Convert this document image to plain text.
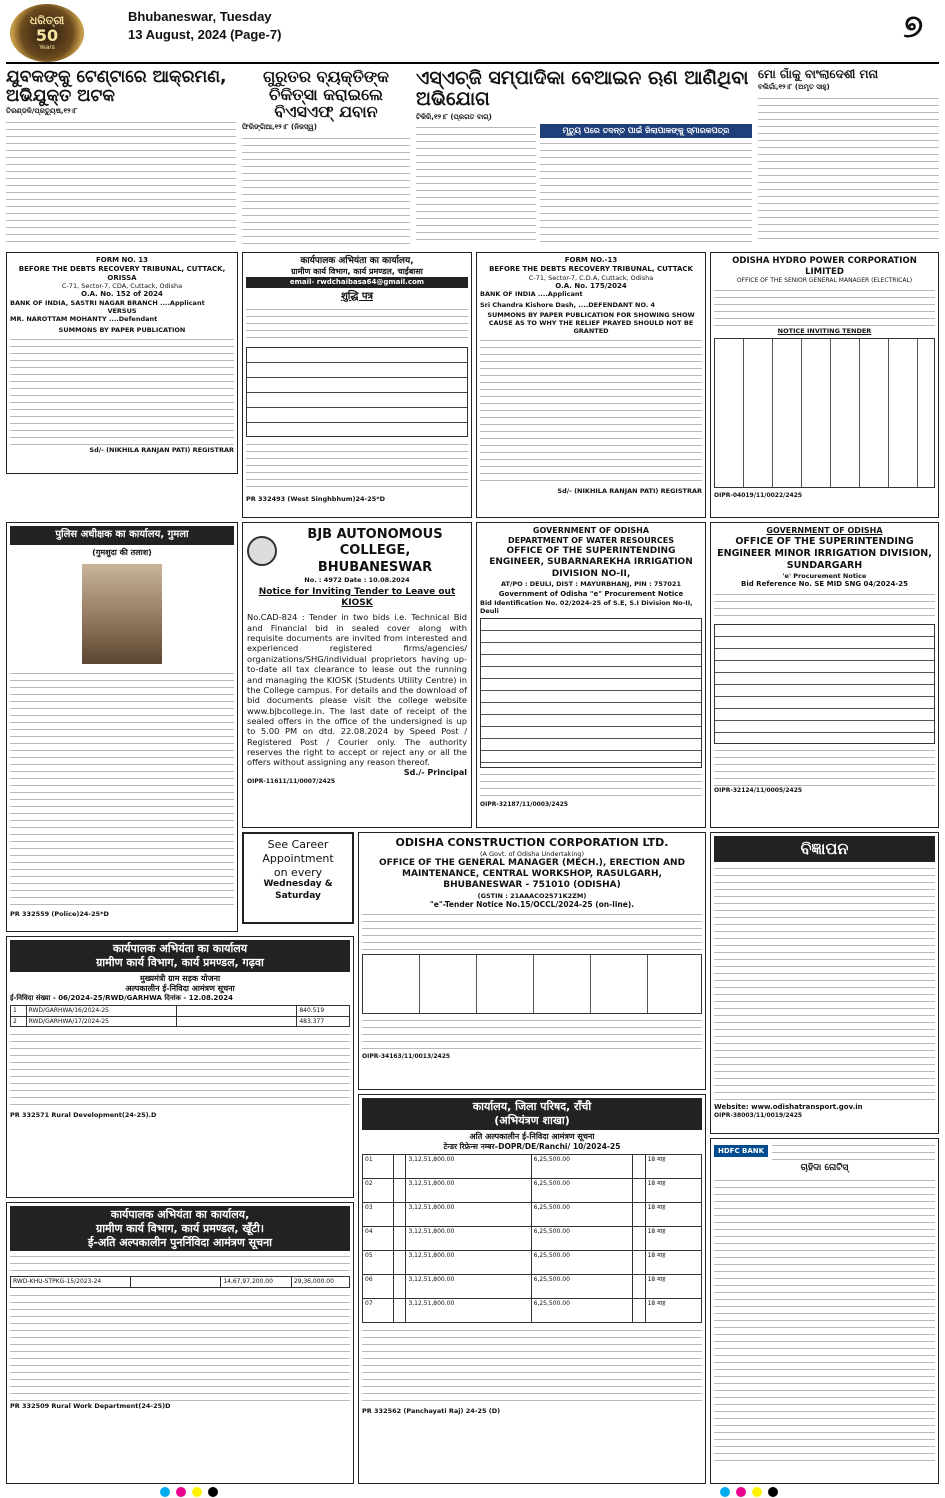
ଧରିତ୍ରୀ
50
Years
Bhubaneswar, Tuesday
13 August, 2024 (Page-7)	୭
ଯୁବକଙ୍କୁ ଟେଣ୍ଟାରେ ଆକ୍ରମଣ, ଅଭିଯୁକ୍ତ ଅଟକ
ତିରଣ୍ଡଳି/ପ୍ରତ୍ୟୁଷ,୧୨।୮
ଗୁରୁତର ବ୍ୟକ୍ତିଙ୍କ ଚିକିତ୍ସା କରାଇଲେ ବିଏସଏଫ୍ ଯବାନ
ଫିରିଙ୍ଗିଆ,୧୨।୮ (ନିଜସ୍ୱ)
ଏସ୍ଏଚ୍ଜି ସମ୍ପାଦିକା ବେଆଇନ ଋଣ ଆଣିଥିବା ଅଭିଯୋଗ
ଟିକିରି,୧୨।୮ (ପ୍ରଗତ ବାଗ୍)
ମୃତ୍ୟୁ ପରେ ତଦନ୍ତ ପାଇଁ ଜିଲାପାଳଙ୍କୁ ସ୍ମାରକପତ୍ର
ମୋ ଗାଁକୁ ବାଂଲାଦେଶୀ ମନା
ବଲିଗାଁ,୧୨।୮ (ଅମୃତ ସାହୁ)
FORM NO. 13
BEFORE THE DEBTS RECOVERY TRIBUNAL, CUTTACK, ORISSA
C-71, Sector-7, CDA, Cuttack, Odisha
O.A. No. 152 of 2024
BANK OF INDIA, SASTRI NAGAR BRANCH ....Applicant
VERSUS
MR. NAROTTAM MOHANTY ....Defendant
SUMMONS BY PAPER PUBLICATION
Sd/- (NIKHILA RANJAN PATI) REGISTRAR
कार्यपालक अभियंता का कार्यालय,
ग्रामीण कार्य विभाग, कार्य प्रमण्डल, चाईबासा
email- rwdchaibasa64@gmail.com
शुद्धि पत्र
PR 332493 (West Singhbhum)24-25*D
FORM NO.-13
BEFORE THE DEBTS RECOVERY TRIBUNAL, CUTTACK
C-71, Sector-7, C.D.A, Cuttack, Odisha
O.A. No. 175/2024
BANK OF INDIA ....Applicant
Sri Chandra Kishore Dash, ....DEFENDANT NO. 4
SUMMONS BY PAPER PUBLICATION FOR SHOWING SHOW CAUSE AS TO WHY THE RELIEF PRAYED SHOULD NOT BE GRANTED
Sd/- (NIKHILA RANJAN PATI) REGISTRAR
ODISHA HYDRO POWER CORPORATION LIMITED
OFFICE OF THE SENIOR GENERAL MANAGER (ELECTRICAL)
NOTICE INVITING TENDER
OIPR-04019/11/0022/2425
पुलिस अधीक्षक का कार्यालय, गुमला
(गुमशुदा की तलाश)
PR 332559 (Police)24-25*D
BJB AUTONOMOUS COLLEGE, BHUBANESWAR
No. : 4972 Date : 10.08.2024
Notice for Inviting Tender to Leave out KIOSK
No.CAD-824 : Tender in two bids i.e. Technical Bid and Financial bid in sealed cover along with requisite documents are invited from interested and experienced registered firms/agencies/ organizations/SHG/individual proprietors having up-to-date all tax clearance to lease out the running and managing the KIOSK (Students Utility Centre) in the College campus. For details and the download of bid documents please visit the college website www.bjbcollege.in. The last date of receipt of the sealed offers in the office of the undersigned is up to 5.00 PM on dtd. 22.08.2024 by Speed Post / Registered Post / Courier only. The authority reserves the right to accept or reject any or all the offers without assigning any reason thereof.
Sd./- Principal
OIPR-11611/11/0007/2425
GOVERNMENT OF ODISHA
DEPARTMENT OF WATER RESOURCES
OFFICE OF THE SUPERINTENDING ENGINEER, SUBARNAREKHA IRRIGATION DIVISION NO-II,
AT/PO : DEULI, DIST : MAYURBHANJ, PIN : 757021
Government of Odisha "e" Procurement Notice
Bid Identification No. 02/2024-25 of S.E, S.I Division No-II, Deuli
OIPR-32187/11/0003/2425
GOVERNMENT OF ODISHA
OFFICE OF THE SUPERINTENDING ENGINEER MINOR IRRIGATION DIVISION, SUNDARGARH
'e' Procurement Notice
Bid Reference No. SE MID SNG 04/2024-25
OIPR-32124/11/0005/2425
See Career
Appointment
on every
Wednesday & Saturday
ODISHA CONSTRUCTION CORPORATION LTD.
(A Govt. of Odisha Undertaking)
OFFICE OF THE GENERAL MANAGER (MECH.), ERECTION AND MAINTENANCE, CENTRAL WORKSHOP, RASULGARH, BHUBANESWAR - 751010 (ODISHA)
(GSTIN : 21AAACO2571K2ZM)
"e"-Tender Notice No.15/OCCL/2024-25 (on-line).
OIPR-34163/11/0013/2425
ବିଜ୍ଞାପନ
Website: www.odishatransport.gov.in
OIPR-38003/11/0019/2425
कार्यपालक अभियंता का कार्यालय
ग्रामीण कार्य विभाग, कार्य प्रमण्डल, गढ़वा
मुख्यमंत्री ग्राम सड़क योजना
अल्पकालीन ई-निविदा आमंत्रण सूचना
ई-निविदा संख्या - 06/2024-25/RWD/GARHWA दिनांक - 12.08.2024
1	RWD/GARHWA/16/2024-25		840.519
2	RWD/GARHWA/17/2024-25		483.377
PR 332571 Rural Development(24-25).D
कार्यालय, जिला परिषद, राँची
(अभियंत्रण शाखा)
अति अल्पकालीन ई-निविदा आमंत्रण सूचना
टेन्डर रिफ्रेन्स नम्बर–DOPR/DE/Ranchi/ 10/2024-25
01		3,12,51,800.00	6,25,500.00		18 माह
02		3,12,51,800.00	6,25,500.00		18 माह
03		3,12,51,800.00	6,25,500.00		18 माह
04		3,12,51,800.00	6,25,500.00		18 माह
05		3,12,51,800.00	6,25,500.00		18 माह
06		3,12,51,800.00	6,25,500.00		18 माह
07		3,12,51,800.00	6,25,500.00		18 माह
PR 332562 (Panchayati Raj) 24-25 (D)
कार्यपालक अभियंता का कार्यालय,
ग्रामीण कार्य विभाग, कार्य प्रमण्डल, खूँटी।
ई-अति अल्पकालीन पुनर्निविदा आमंत्रण सूचना
RWD-KHU-STPKG-15/2023-24		14,67,97,200.00	29,36,000.00
PR 332509 Rural Work Department(24-25)D
HDFC BANK
ଚାହିଦା ନୋଟିସ୍
